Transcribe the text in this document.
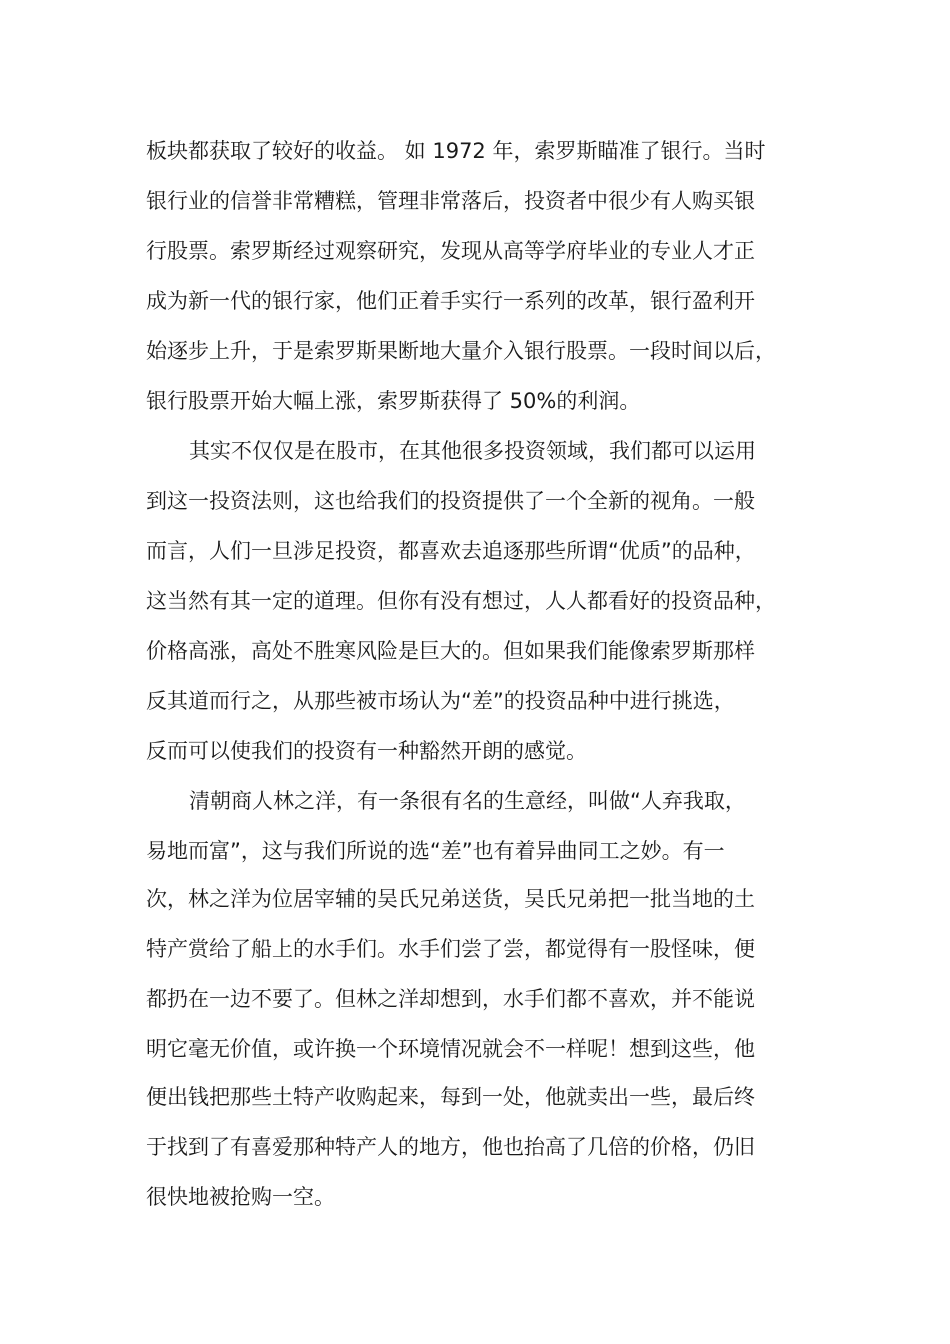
板块都获取了较好的收益。 如 1972 年，索罗斯瞄准了银行。当时
银行业的信誉非常糟糕，管理非常落后，投资者中很少有人购买银
行股票。索罗斯经过观察研究，发现从高等学府毕业的专业人才正
成为新一代的银行家，他们正着手实行一系列的改革，银行盈利开
始逐步上升，于是索罗斯果断地大量介入银行股票。一段时间以后，
银行股票开始大幅上涨，索罗斯获得了 50%的利润。
其实不仅仅是在股市，在其他很多投资领域，我们都可以运用
到这一投资法则，这也给我们的投资提供了一个全新的视角。一般
而言，人们一旦涉足投资，都喜欢去追逐那些所谓“优质”的品种，
这当然有其一定的道理。但你有没有想过，人人都看好的投资品种，
价格高涨，高处不胜寒风险是巨大的。但如果我们能像索罗斯那样
反其道而行之，从那些被市场认为“差”的投资品种中进行挑选，
反而可以使我们的投资有一种豁然开朗的感觉。
清朝商人林之洋，有一条很有名的生意经，叫做“人弃我取，
易地而富”，这与我们所说的选“差”也有着异曲同工之妙。有一
次，林之洋为位居宰辅的吴氏兄弟送货，吴氏兄弟把一批当地的土
特产赏给了船上的水手们。水手们尝了尝，都觉得有一股怪味，便
都扔在一边不要了。但林之洋却想到，水手们都不喜欢，并不能说
明它毫无价值，或许换一个环境情况就会不一样呢！想到这些，他
便出钱把那些土特产收购起来，每到一处，他就卖出一些，最后终
于找到了有喜爱那种特产人的地方，他也抬高了几倍的价格，仍旧
很快地被抢购一空。
